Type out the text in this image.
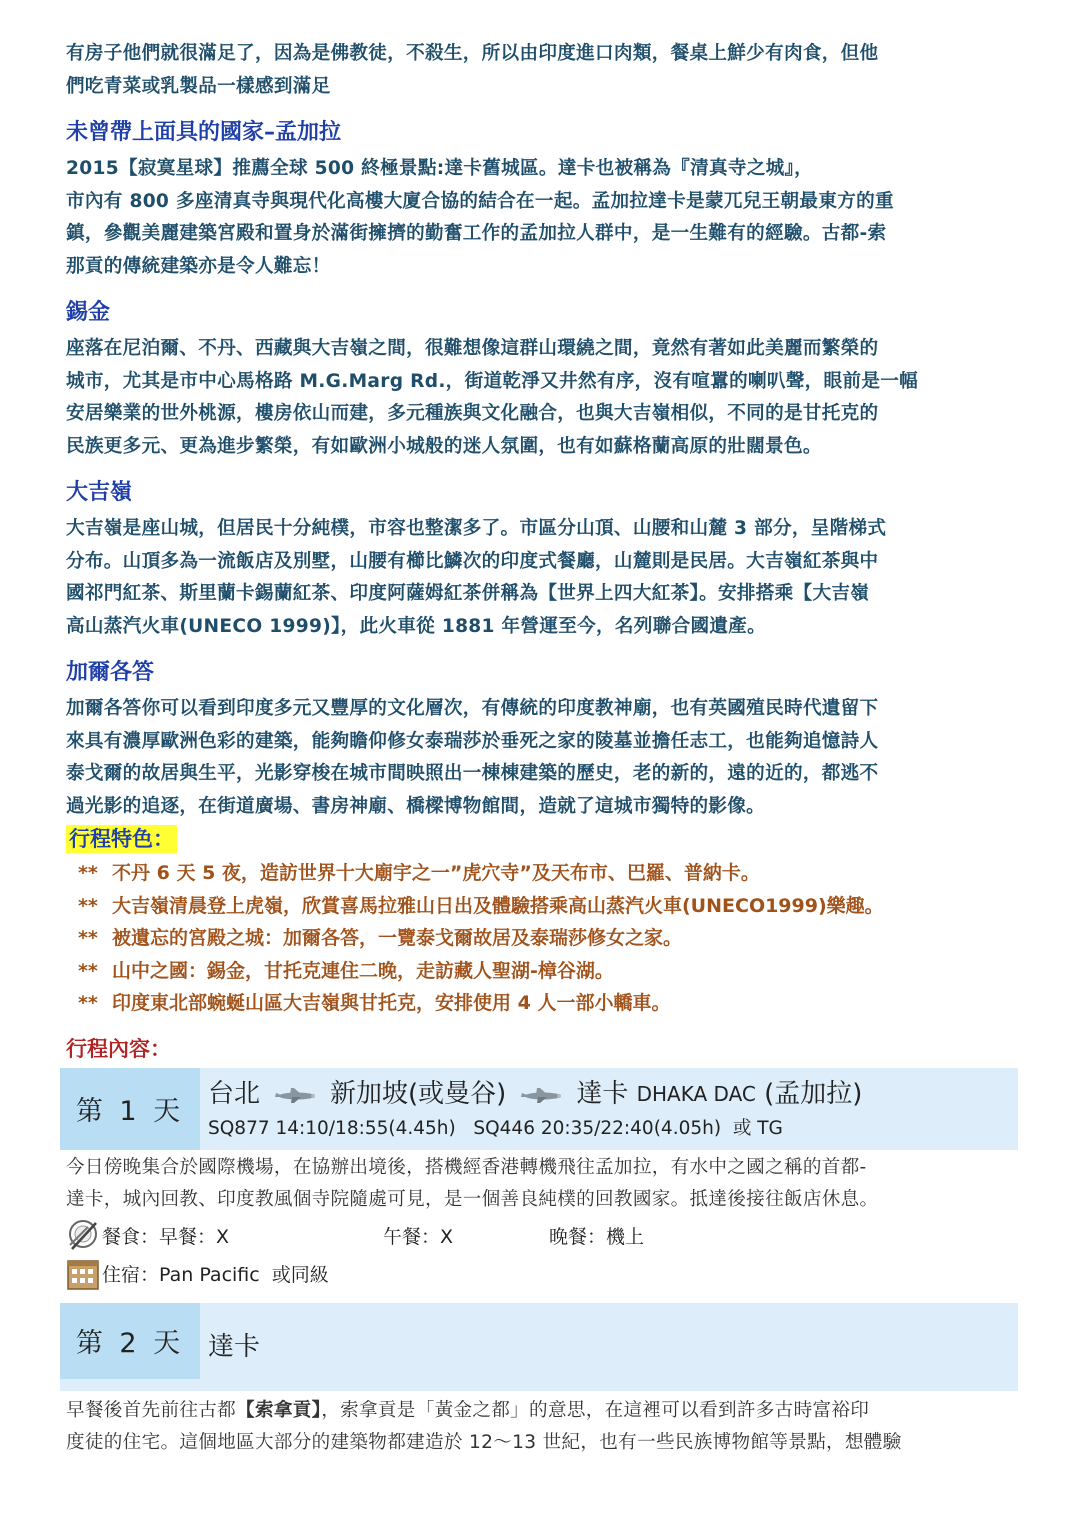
有房子他們就很滿足了，因為是佛教徒，不殺生，所以由印度進口肉類，餐桌上鮮少有肉食，但他
們吃青菜或乳製品一樣感到滿足

未曾帶上面具的國家–孟加拉

2015【寂寞星球】推薦全球 500 終極景點:達卡舊城區。達卡也被稱為『清真寺之城』，
市內有 800 多座清真寺與現代化高樓大廈合協的結合在一起。孟加拉達卡是蒙兀兒王朝最東方的重
鎮，參觀美麗建築宮殿和置身於滿街擁擠的勤奮工作的孟加拉人群中，是一生難有的經驗。古都-索
那貢的傳統建築亦是令人難忘！

錫金

座落在尼泊爾、不丹、西藏與大吉嶺之間，很難想像這群山環繞之間，竟然有著如此美麗而繁榮的
城市，尤其是市中心馬格路 M.G.Marg Rd.，街道乾淨又井然有序，沒有喧囂的喇叭聲，眼前是一幅
安居樂業的世外桃源，樓房依山而建，多元種族與文化融合，也與大吉嶺相似，不同的是甘托克的
民族更多元、更為進步繁榮，有如歐洲小城般的迷人氛圍，也有如蘇格蘭高原的壯闊景色。

大吉嶺

大吉嶺是座山城，但居民十分純樸，市容也整潔多了。市區分山頂、山腰和山麓 3 部分，呈階梯式
分布。山頂多為一流飯店及別墅，山腰有櫛比鱗次的印度式餐廳，山麓則是民居。大吉嶺紅茶與中
國祁門紅茶、斯里蘭卡錫蘭紅茶、印度阿薩姆紅茶併稱為【世界上四大紅茶】。安排搭乘【大吉嶺
高山蒸汽火車(UNECO 1999)】，此火車從 1881 年營運至今，名列聯合國遺產。

加爾各答

加爾各答你可以看到印度多元又豐厚的文化層次，有傳統的印度教神廟，也有英國殖民時代遺留下
來具有濃厚歐洲色彩的建築，能夠瞻仰修女泰瑞莎於垂死之家的陵墓並擔任志工，也能夠追憶詩人
泰戈爾的故居與生平，光影穿梭在城市間映照出一棟棟建築的歷史，老的新的，遠的近的，都逃不
過光影的追逐，在街道廣場、書房神廟、橋樑博物館間，造就了這城市獨特的影像。

行程特色：
** 不丹 6 天 5 夜，造訪世界十大廟宇之一”虎穴寺”及天布市、巴羅、普納卡。
** 大吉嶺清晨登上虎嶺，欣賞喜馬拉雅山日出及體驗搭乘高山蒸汽火車(UNECO1999)樂趣。
** 被遺忘的宮殿之城：加爾各答，一覽泰戈爾故居及泰瑞莎修女之家。
** 山中之國：錫金，甘托克連住二晚，走訪藏人聖湖-樟谷湖。
** 印度東北部蜿蜒山區大吉嶺與甘托克，安排使用 4 人一部小轎車。
行程內容：
第 1 天
台北	新加坡(或曼谷)	達卡
DHAKA DAC
(孟加拉)
SQ877 14:10/18:55(4.45h)   SQ446 20:35/22:40(4.05h)  或 TG

今日傍晚集合於國際機場，在協辦出境後，搭機經香港轉機飛往孟加拉，有水中之國之稱的首都-
達卡，城內回教、印度教風個寺院隨處可見，是一個善良純樸的回教國家。抵達後接往飯店休息。

餐食： 早餐：X	午餐：X	晚餐：機上
住宿：Pan Pacific  或同級
第 2 天 達卡

早餐後首先前往古都【索拿貢】，索拿貢是「黃金之都」的意思，在這裡可以看到許多古時富裕印
度徒的住宅。這個地區大部分的建築物都建造於 12～13 世紀，也有一些民族博物館等景點，想體驗
